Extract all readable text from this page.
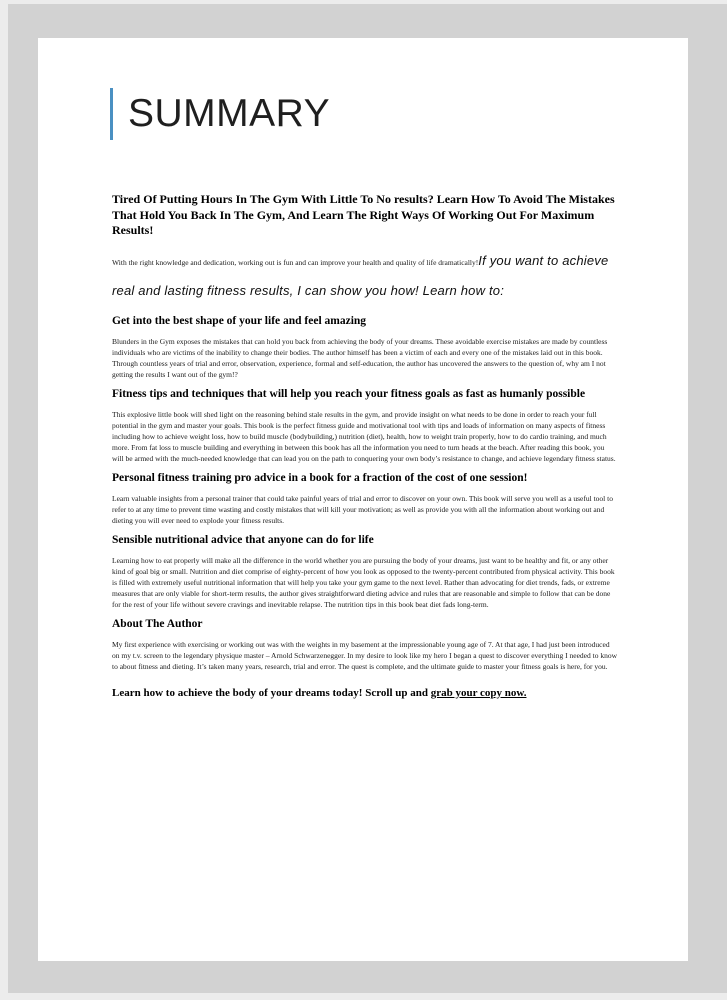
SUMMARY
Tired Of Putting Hours In The Gym With Little To No results? Learn How To Avoid The Mistakes That Hold You Back In The Gym, And Learn The Right Ways Of Working Out For Maximum Results!

With the right knowledge and dedication, working out is fun and can improve your health and quality of life dramatically!If you want to achieve real and lasting fitness results, I can show you how! Learn how to:

Get into the best shape of your life and feel amazing

Blunders in the Gym exposes the mistakes that can hold you back from achieving the body of your dreams. These avoidable exercise mistakes are made by countless individuals who are victims of the inability to change their bodies. The author himself has been a victim of each and every one of the mistakes laid out in this book. Through countless years of trial and error, observation, experience, formal and self-education, the author has uncovered the answers to the question of, why am I not getting the results I want out of the gym!?

Fitness tips and techniques that will help you reach your fitness goals as fast as humanly possible

This explosive little book will shed light on the reasoning behind stale results in the gym, and provide insight on what needs to be done in order to reach your full potential in the gym and master your goals. This book is the perfect fitness guide and motivational tool with tips and loads of information on many aspects of fitness including how to achieve weight loss, how to build muscle (bodybuilding,) nutrition (diet), health, how to weight train properly, how to do cardio training, and much more. From fat loss to muscle building and everything in between this book has all the information you need to turn heads at the beach. After reading this book, you will be armed with the much-needed knowledge that can lead you on the path to conquering your own body’s resistance to change, and achieve legendary fitness status.

Personal fitness training pro advice in a book for a fraction of the cost of one session!

Learn valuable insights from a personal trainer that could take painful years of trial and error to discover on your own. This book will serve you well as a useful tool to refer to at any time to prevent time wasting and costly mistakes that will kill your motivation; as well as provide you with all the information about working out and dieting you will ever need to explode your fitness results.

Sensible nutritional advice that anyone can do for life

Learning how to eat properly will make all the difference in the world whether you are pursuing the body of your dreams, just want to be healthy and fit, or any other kind of goal big or small. Nutrition and diet comprise of eighty-percent of how you look as opposed to the twenty-percent contributed from physical activity. This book is filled with extremely useful nutritional information that will help you take your gym game to the next level. Rather than advocating for diet trends, fads, or extreme measures that are only viable for short-term results, the author gives straightforward dieting advice and rules that are reasonable and simple to follow that can be done for the rest of your life without severe cravings and inevitable relapse. The nutrition tips in this book beat diet fads long-term.

About The Author

My first experience with exercising or working out was with the weights in my basement at the impressionable young age of 7. At that age, I had just been introduced on my t.v. screen to the legendary physique master – Arnold Schwarzenegger. In my desire to look like my hero I began a quest to discover everything I needed to know to about fitness and dieting. It’s taken many years, research, trial and error. The quest is complete, and the ultimate guide to master your fitness goals is here, for you.

Learn how to achieve the body of your dreams today! Scroll up and grab your copy now.
